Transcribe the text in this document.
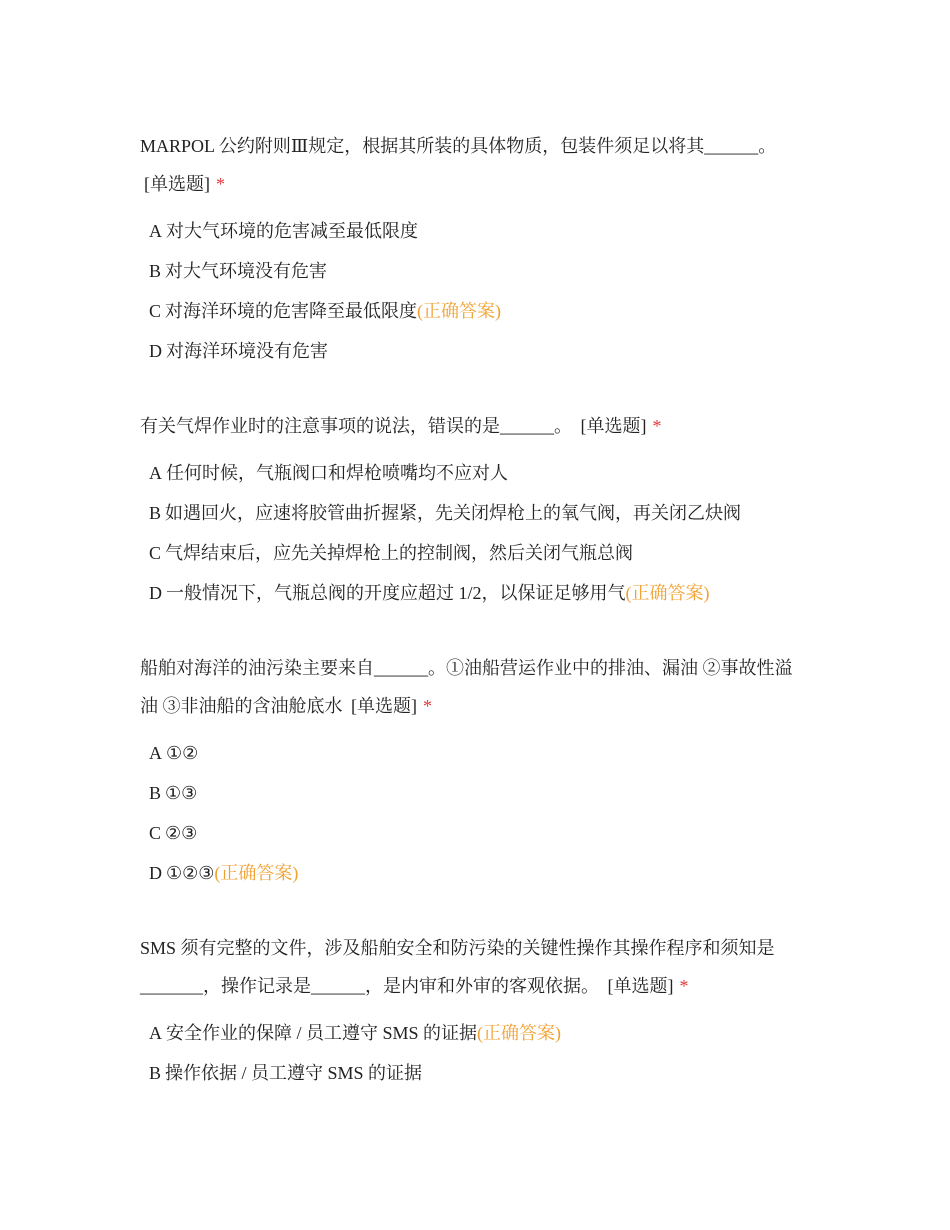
MARPOL 公约附则Ⅲ规定，根据其所装的具体物质，包装件须足以将其______。
[单选题] *

A 对大气环境的危害减至最低限度
B 对大气环境没有危害
C 对海洋环境的危害降至最低限度(正确答案)
D 对海洋环境没有危害

有关气焊作业时的注意事项的说法，错误的是______。 [单选题] *

A 任何时候，气瓶阀口和焊枪喷嘴均不应对人
B 如遇回火，应速将胶管曲折握紧，先关闭焊枪上的氧气阀，再关闭乙炔阀
C 气焊结束后，应先关掉焊枪上的控制阀，然后关闭气瓶总阀
D 一般情况下，气瓶总阀的开度应超过 1/2，以保证足够用气(正确答案)

船舶对海洋的油污染主要来自______。①油船营运作业中的排油、漏油 ②事故性溢油 ③非油船的含油舱底水 [单选题] *

A ①②
B ①③
C ②③
D ①②③(正确答案)

SMS 须有完整的文件，涉及船舶安全和防污染的关键性操作其操作程序和须知是_______，操作记录是______，是内审和外审的客观依据。 [单选题] *

A 安全作业的保障 / 员工遵守 SMS 的证据(正确答案)
B 操作依据 / 员工遵守 SMS 的证据
